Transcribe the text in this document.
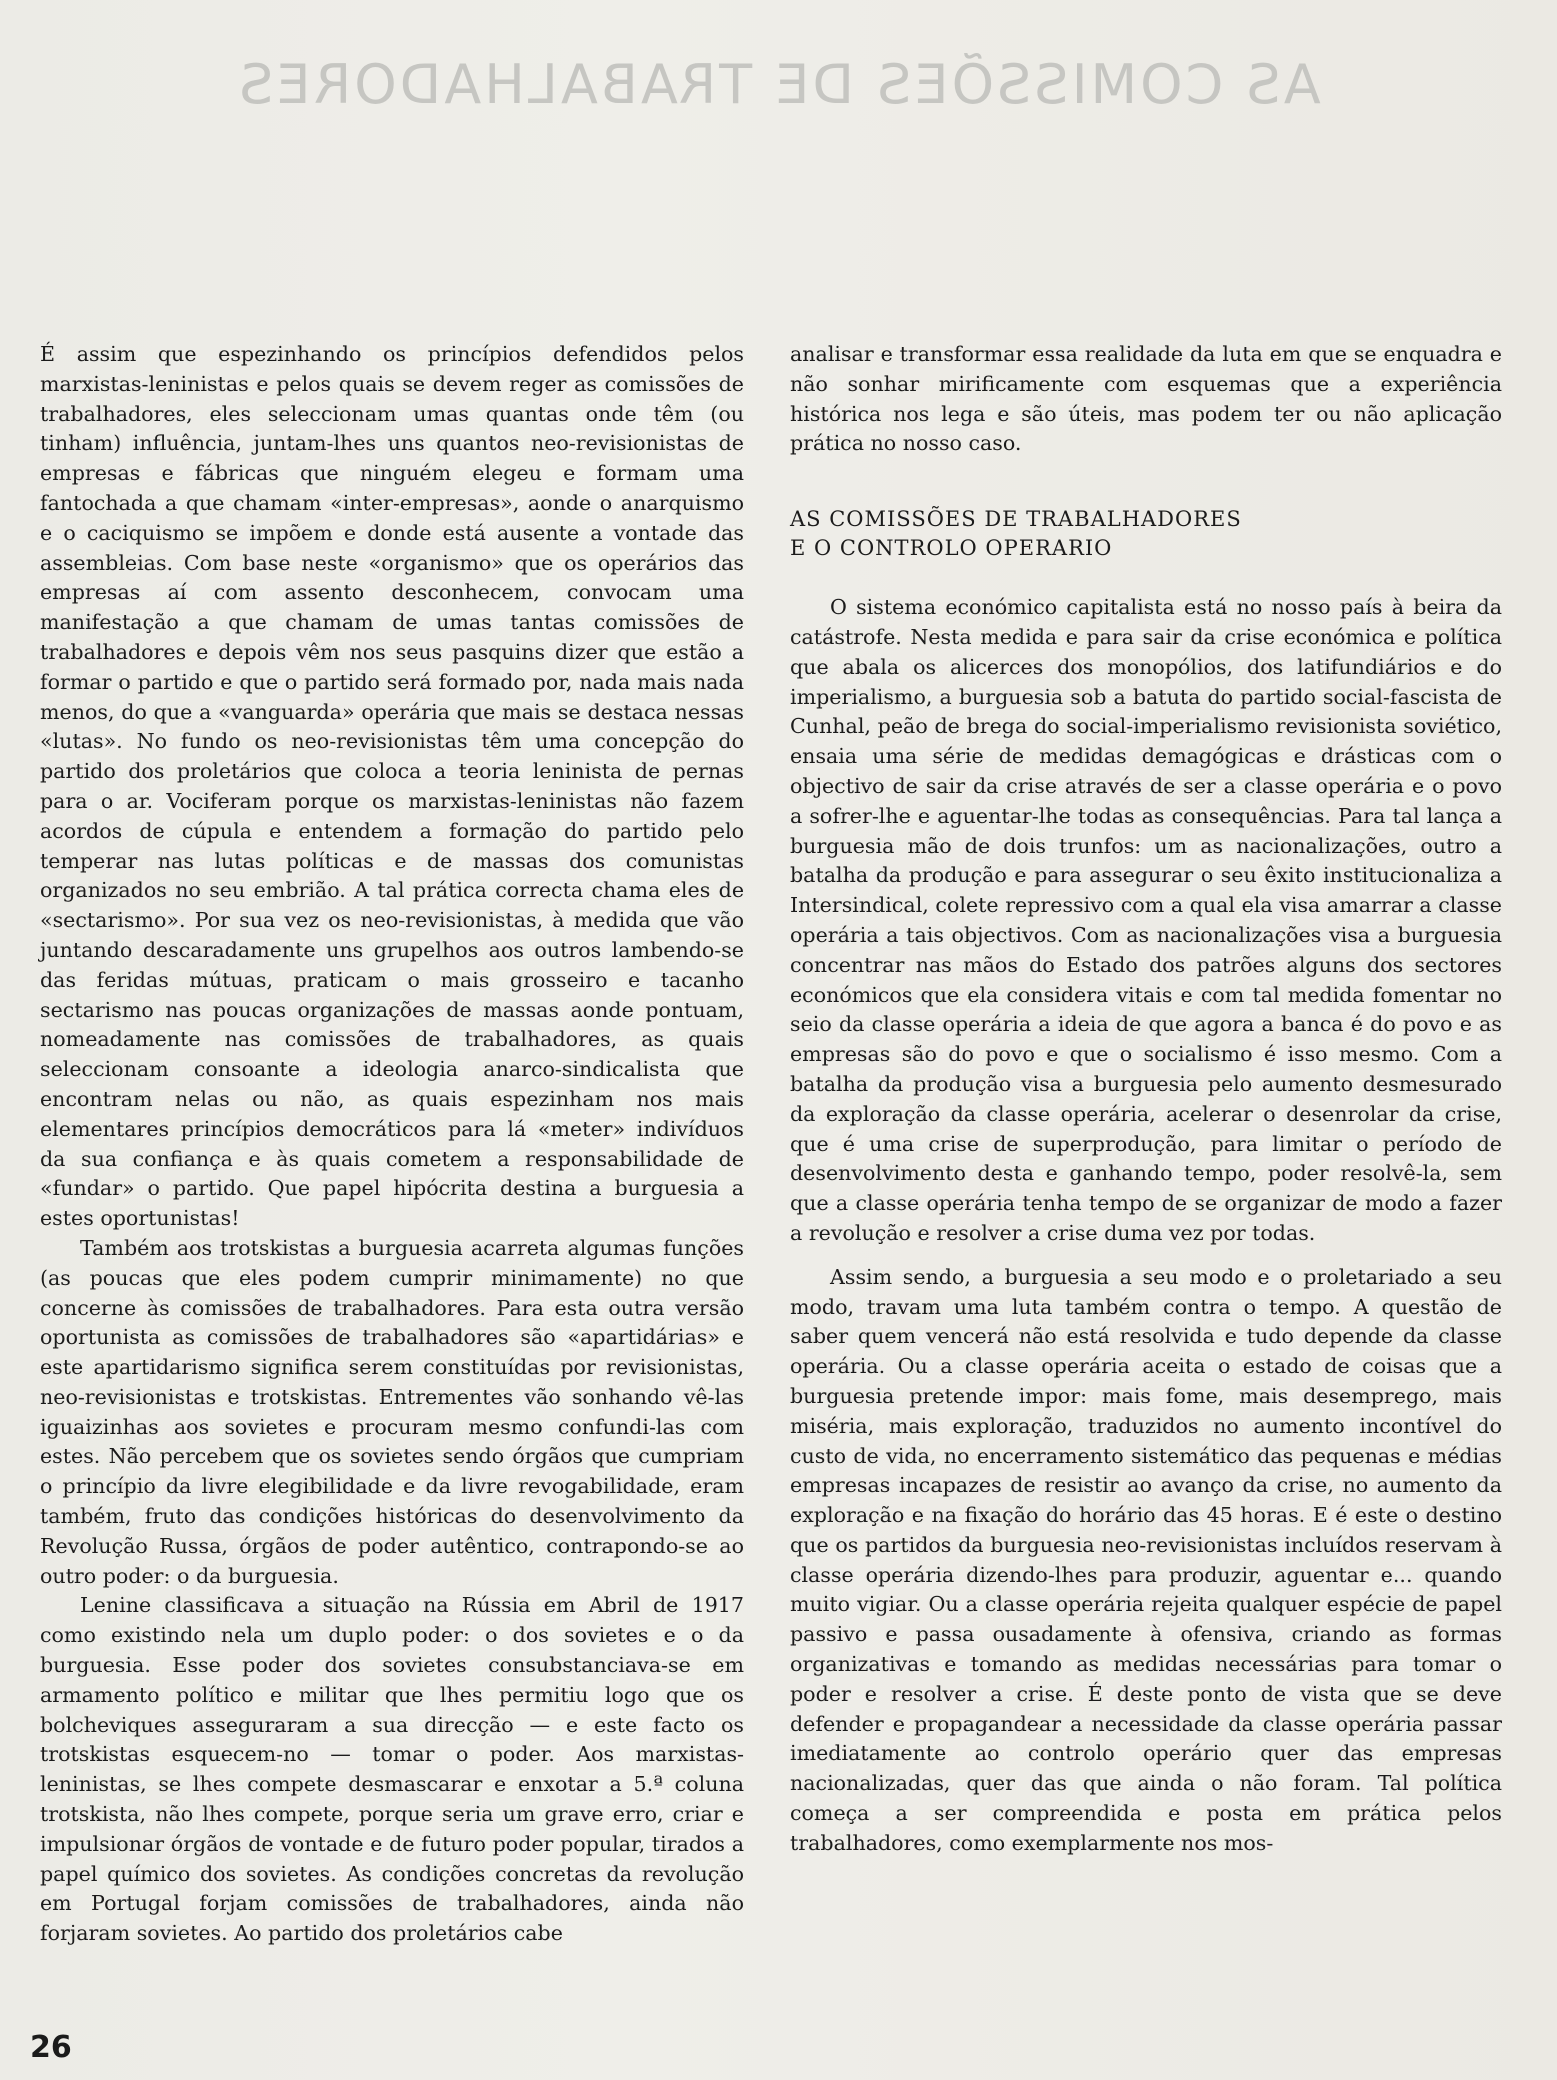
AS COMISSÕES DE TRABALHADORES

É assim que espezinhando os princípios defendidos pelos marxistas-leninistas e pelos quais se devem reger as comissões de trabalhadores, eles seleccionam umas quantas onde têm (ou tinham) influência, juntam-lhes uns quantos neo-revisionistas de empresas e fábricas que ninguém elegeu e formam uma fantochada a que chamam «inter-empresas», aonde o anarquismo e o caciquismo se impõem e donde está ausente a vontade das assembleias. Com base neste «organismo» que os operários das empresas aí com assento desconhecem, convocam uma manifestação a que chamam de umas tantas comissões de trabalhadores e depois vêm nos seus pasquins dizer que estão a formar o partido e que o partido será formado por, nada mais nada menos, do que a «vanguarda» operária que mais se destaca nessas «lutas». No fundo os neo-revisionistas têm uma concepção do partido dos proletários que coloca a teoria leninista de pernas para o ar. Vociferam porque os marxistas-leninistas não fazem acordos de cúpula e entendem a formação do partido pelo temperar nas lutas políticas e de massas dos comunistas organizados no seu embrião. A tal prática correcta chama eles de «sectarismo». Por sua vez os neo-revisionistas, à medida que vão juntando descaradamente uns grupelhos aos outros lambendo-se das feridas mútuas, praticam o mais grosseiro e tacanho sectarismo nas poucas organizações de massas aonde pontuam, nomeadamente nas comissões de trabalhadores, as quais seleccionam consoante a ideologia anarco-sindicalista que encontram nelas ou não, as quais espezinham nos mais elementares princípios democráticos para lá «meter» indivíduos da sua confiança e às quais cometem a responsabilidade de «fundar» o partido. Que papel hipócrita destina a burguesia a estes oportunistas!

Também aos trotskistas a burguesia acarreta algumas funções (as poucas que eles podem cumprir minimamente) no que concerne às comissões de trabalhadores. Para esta outra versão oportunista as comissões de trabalhadores são «apartidárias» e este apartidarismo significa serem constituídas por revisionistas, neo-revisionistas e trotskistas. Entrementes vão sonhando vê-las iguaizinhas aos sovietes e procuram mesmo confundi-las com estes. Não percebem que os sovietes sendo órgãos que cumpriam o princípio da livre elegibilidade e da livre revogabilidade, eram também, fruto das condições históricas do desenvolvimento da Revolução Russa, órgãos de poder autêntico, contrapondo-se ao outro poder: o da burguesia.

Lenine classificava a situação na Rússia em Abril de 1917 como existindo nela um duplo poder: o dos sovietes e o da burguesia. Esse poder dos sovietes consubstanciava-se em armamento político e militar que lhes permitiu logo que os bolcheviques asseguraram a sua direcção — e este facto os trotskistas esquecem-no — tomar o poder. Aos marxistas-leninistas, se lhes compete desmascarar e enxotar a 5.ª coluna trotskista, não lhes compete, porque seria um grave erro, criar e impulsionar órgãos de vontade e de futuro poder popular, tirados a papel químico dos sovietes. As condições concretas da revolução em Portugal forjam comissões de trabalhadores, ainda não forjaram sovietes. Ao partido dos proletários cabe

analisar e transformar essa realidade da luta em que se enquadra e não sonhar mirificamente com esquemas que a experiência histórica nos lega e são úteis, mas podem ter ou não aplicação prática no nosso caso.

AS COMISSÕES DE TRABALHADORES
E O CONTROLO OPERARIO

O sistema económico capitalista está no nosso país à beira da catástrofe. Nesta medida e para sair da crise económica e política que abala os alicerces dos monopólios, dos latifundiários e do imperialismo, a burguesia sob a batuta do partido social-fascista de Cunhal, peão de brega do social-imperialismo revisionista soviético, ensaia uma série de medidas demagógicas e drásticas com o objectivo de sair da crise através de ser a classe operária e o povo a sofrer-lhe e aguentar-lhe todas as consequências. Para tal lança a burguesia mão de dois trunfos: um as nacionalizações, outro a batalha da produção e para assegurar o seu êxito institucionaliza a Intersindical, colete repressivo com a qual ela visa amarrar a classe operária a tais objectivos. Com as nacionalizações visa a burguesia concentrar nas mãos do Estado dos patrões alguns dos sectores económicos que ela considera vitais e com tal medida fomentar no seio da classe operária a ideia de que agora a banca é do povo e as empresas são do povo e que o socialismo é isso mesmo. Com a batalha da produção visa a burguesia pelo aumento desmesurado da exploração da classe operária, acelerar o desenrolar da crise, que é uma crise de superprodução, para limitar o período de desenvolvimento desta e ganhando tempo, poder resolvê-la, sem que a classe operária tenha tempo de se organizar de modo a fazer a revolução e resolver a crise duma vez por todas.

Assim sendo, a burguesia a seu modo e o proletariado a seu modo, travam uma luta também contra o tempo. A questão de saber quem vencerá não está resolvida e tudo depende da classe operária. Ou a classe operária aceita o estado de coisas que a burguesia pretende impor: mais fome, mais desemprego, mais miséria, mais exploração, traduzidos no aumento incontível do custo de vida, no encerramento sistemático das pequenas e médias empresas incapazes de resistir ao avanço da crise, no aumento da exploração e na fixação do horário das 45 horas. E é este o destino que os partidos da burguesia neo-revisionistas incluídos reservam à classe operária dizendo-lhes para produzir, aguentar e... quando muito vigiar. Ou a classe operária rejeita qualquer espécie de papel passivo e passa ousadamente à ofensiva, criando as formas organizativas e tomando as medidas necessárias para tomar o poder e resolver a crise. É deste ponto de vista que se deve defender e propagandear a necessidade da classe operária passar imediatamente ao controlo operário quer das empresas nacionalizadas, quer das que ainda o não foram. Tal política começa a ser compreendida e posta em prática pelos trabalhadores, como exemplarmente nos mos-

26
